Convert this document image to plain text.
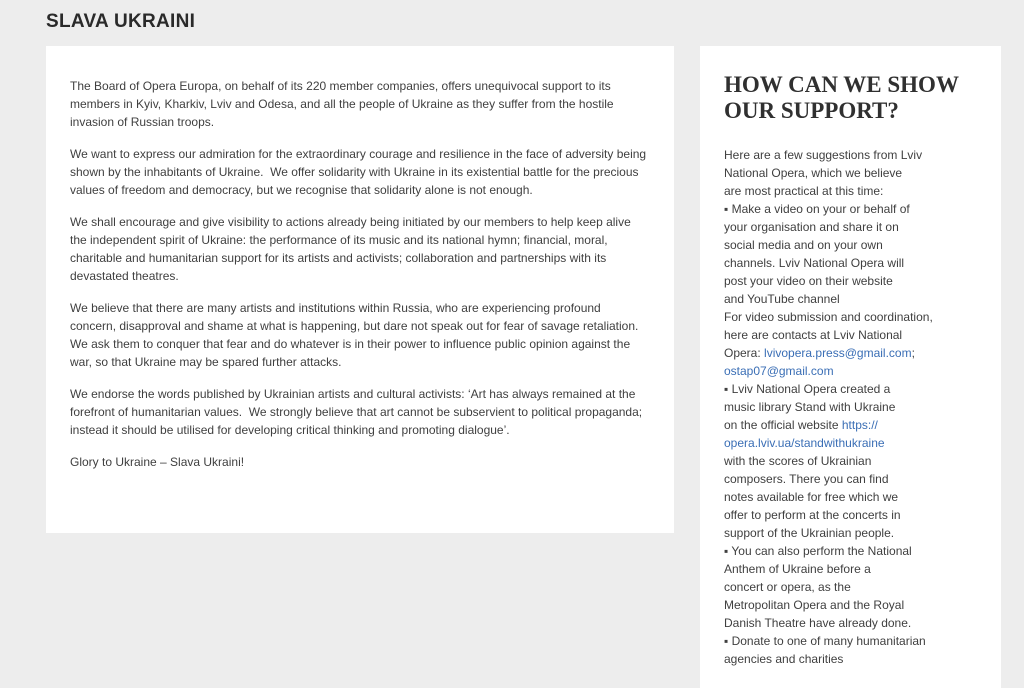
SLAVA UKRAINI

The Board of Opera Europa, on behalf of its 220 member companies, offers unequivocal support to its members in Kyiv, Kharkiv, Lviv and Odesa, and all the people of Ukraine as they suffer from the hostile invasion of Russian troops.

We want to express our admiration for the extraordinary courage and resilience in the face of adversity being shown by the inhabitants of Ukraine.  We offer solidarity with Ukraine in its existential battle for the precious values of freedom and democracy, but we recognise that solidarity alone is not enough.

We shall encourage and give visibility to actions already being initiated by our members to help keep alive the independent spirit of Ukraine: the performance of its music and its national hymn; financial, moral, charitable and humanitarian support for its artists and activists; collaboration and partnerships with its devastated theatres.

We believe that there are many artists and institutions within Russia, who are experiencing profound concern, disapproval and shame at what is happening, but dare not speak out for fear of savage retaliation.  We ask them to conquer that fear and do whatever is in their power to influence public opinion against the war, so that Ukraine may be spared further attacks.

We endorse the words published by Ukrainian artists and cultural activists: ‘Art has always remained at the forefront of humanitarian values.  We strongly believe that art cannot be subservient to political propaganda; instead it should be utilised for developing critical thinking and promoting dialogue’.

Glory to Ukraine – Slava Ukraini!

HOW CAN WE SHOW OUR SUPPORT?
Here are a few suggestions from Lviv
National Opera, which we believe
are most practical at this time:
▪ Make a video on your or behalf of
your organisation and share it on
social media and on your own
channels. Lviv National Opera will
post your video on their website
and YouTube channel
For video submission and coordination,
here are contacts at Lviv National
Opera: lvivopera.press@gmail.com;
ostap07@gmail.com
▪ Lviv National Opera created a
music library Stand with Ukraine
on the official website https://
opera.lviv.ua/standwithukraine
with the scores of Ukrainian
composers. There you can find
notes available for free which we
offer to perform at the concerts in
support of the Ukrainian people.
▪ You can also perform the National
Anthem of Ukraine before a
concert or opera, as the
Metropolitan Opera and the Royal
Danish Theatre have already done.
▪ Donate to one of many humanitarian
agencies and charities
